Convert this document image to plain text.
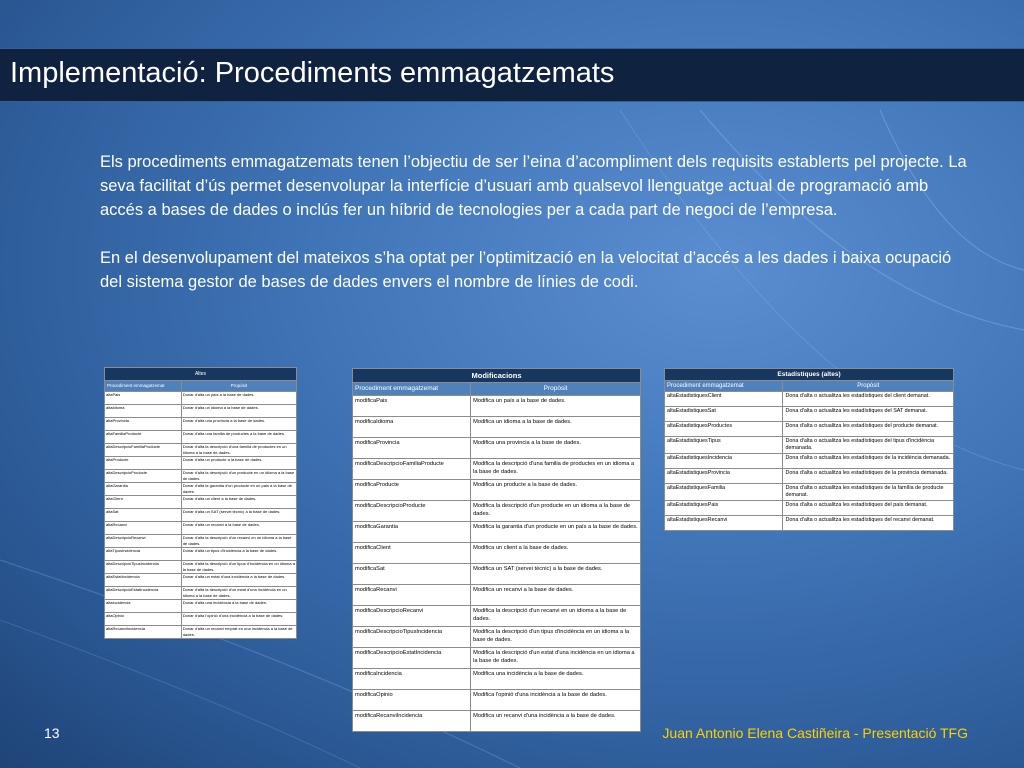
Implementació: Procediments emmagatzemats

Els procediments emmagatzemats tenen l’objectiu de ser l’eina d’acompliment dels requisits establerts pel projecte. La seva facilitat d’ús permet desenvolupar la interfície d’usuari amb qualsevol llenguatge actual de programació amb accés a bases de dades o inclús fer un híbrid de tecnologies per a cada part de negoci de l’empresa.

En el desenvolupament del mateixos s’ha optat per l’optimització en la velocitat d’accés a les dades i baixa ocupació del sistema gestor de bases de dades envers el nombre de línies de codi.

Altes	
Procediment emmagatzemat	Propòsit
altaPais	Donar d'alta un país a la base de dades.
altaIdioma	Donar d'alta un idioma a la base de dades.
altaProvincia	Donar d'alta una provincia a la base de dades.
altaFamiliaProducte	Donar d'alta una familia de productes a la base de dades.
altaDescripcioFamiliaProducte	Donar d'alta la descripció d'una família de productes en un idioma a la base de dades.
altaProducte	Donar d'alta un producte a la base de dades.
altaDescripcioProducte	Donar d'alta la descripció d'un producte en un idioma a la base de dades.
altaGarantia	Donar d'alta la garantia d'un producte en un país a la base de dades.
altaClient	Donar d'alta un client a la base de dades.
altaSat	Donar d'alta un SAT (servei tècnic) a la base de dades.
altaRecanvi	Donar d'alta un recanvi a la base de dades.
altaDescripcioRecanvi	Donar d'alta la descripció d'un recanvi en un idioma a la base de dades.
altaTipusIncidencia	Donar d'alta un tipus d'incidència a la base de dades.
altaDescripcioTipusIncidencia	Donar d'alta la descripció d'un tipus d'incidència en un idioma a la base de dades.
altaEstatIncidencia	Donar d'alta un estat d'una incidència a la base de dades.
altaDescripcioEstatIncidencia	Donar d'alta la descripció d'un estat d'una incidència en un idioma a la base de dades.
altaIncidencia	Donar d'alta una incidència a la base de dades.
altaOpinio	Donar d'alta l'opinió d'una incidència a la base de dades.
altaRecanviIncidencia	Donar d'alta un recanvi emprat en una incidència a la base de dades.
Modificacions	
Procediment emmagatzemat	Propòsit
modificaPais	Modifica un país a la base de dades.
modificaIdioma	Modifica un idioma a la base de dades.
modificaProvincia	Modifica una provincia a la base de dades.
modificaDescripcioFamiliaProducte	Modifica la descripció d'una familia de productes en un idioma a la base de dades.
modificaProducte	Modifica un producte a la base de dades.
modificaDescripcioProducte	Modifica la descripció d'un producte en un idioma a la base de dades.
modificaGarantia	Modifica la garantia d'un producte en un país a la base de dades.
modificaClient	Modifica un client a la base de dades.
modificaSat	Modifica un SAT (servei tècnic) a la base de dades.
modificaRecanvi	Modifica un recanvi a la base de dades.
modificaDescripcioRecanvi	Modifica la descripció d'un recanvi en un idioma a la base de dades.
modificaDescripcioTipusIncidencia	Modifica la descripció d'un tipus d'incidència en un idioma a la base de dades.
modificaDescripcioEstatIncidencia	Modifica la descripció d'un estat d'una incidència en un idioma a la base de dades.
modificaIncidencia	Modifica una incidència a la base de dades.
modificaOpinio	Modifica l'opinió d'una incidència a la base de dades.
modificaRecanviIncidencia	Modifica un recanvi d'una incidència a la base de dades.
Estadístiques (altes)	
Procediment emmagatzemat	Propòsit
altaEstadistiquesClient	Dona d'alta o actualitza les estadístiques del client demanat.
altaEstadistiquesSat	Dona d'alta o actualitza les estadístiques del SAT demanat.
altaEstadistiquesProductes	Dona d'alta o actualitza les estadístiques del producte demanat.
altaEstadistiquesTipus	Dona d'alta o actualitza les estadístiques del tipus d'incidència demanada.
altaEstadistiquesIncidencia	Dona d'alta o actualitza les estadístiques de la incidència demanada.
altaEstadistiquesProvincia	Dona d'alta o actualitza les estadístiques de la provincia demanada.
altaEstadistiquesFamilia	Dona d'alta o actualitza les estadístiques de la família de producte demanat.
altaEstadistiquesPais	Dona d'alta o actualitza les estadístiques del país demanat.
altaEstadistiquesRecanvi	Dona d'alta o actualitza les estadístiques del recanvi demanat.
13	Juan Antonio Elena Castiñeira - Presentació TFG
